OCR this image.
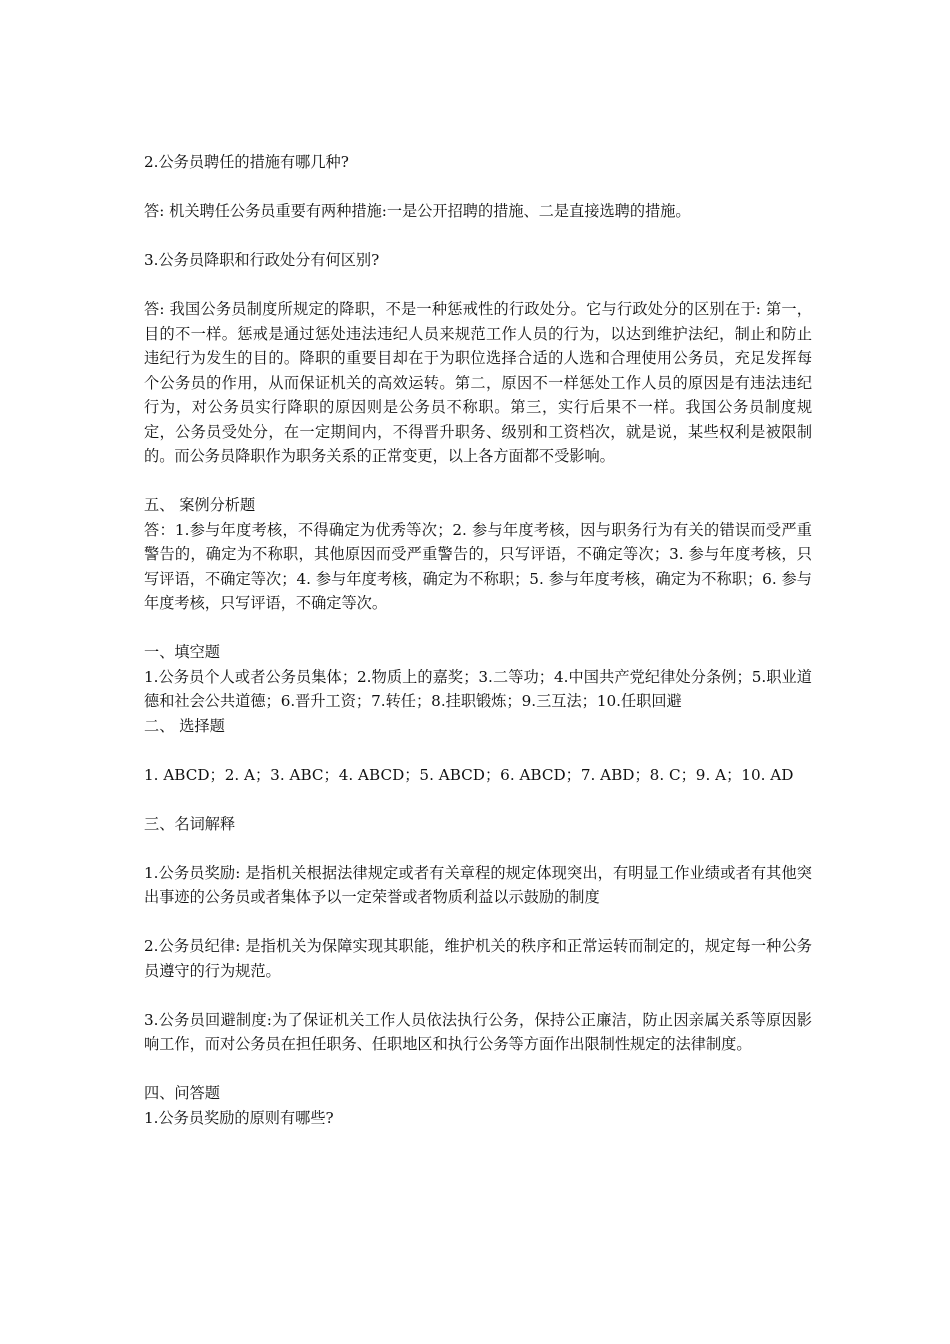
2.公务员聘任的措施有哪几种?

答: 机关聘任公务员重要有两种措施:一是公开招聘的措施、二是直接选聘的措施。

3.公务员降职和行政处分有何区别?

答: 我国公务员制度所规定的降职，不是一种惩戒性的行政处分。它与行政处分的区别在于: 第一，目的不一样。惩戒是通过惩处违法违纪人员来规范工作人员的行为，以达到维护法纪，制止和防止违纪行为发生的目的。降职的重要目却在于为职位选择合适的人选和合理使用公务员，充足发挥每个公务员的作用，从而保证机关的高效运转。第二，原因不一样惩处工作人员的原因是有违法违纪行为，对公务员实行降职的原因则是公务员不称职。第三，实行后果不一样。我国公务员制度规定，公务员受处分，在一定期间内，不得晋升职务、级别和工资档次，就是说，某些权利是被限制的。而公务员降职作为职务关系的正常变更，以上各方面都不受影响。

五、 案例分析题

答：1.参与年度考核，不得确定为优秀等次；2. 参与年度考核，因与职务行为有关的错误而受严重警告的，确定为不称职，其他原因而受严重警告的，只写评语，不确定等次；3. 参与年度考核，只写评语，不确定等次；4. 参与年度考核，确定为不称职；5. 参与年度考核，确定为不称职；6. 参与年度考核，只写评语，不确定等次。

一、填空题

1.公务员个人或者公务员集体；2.物质上的嘉奖；3.二等功；4.中国共产党纪律处分条例；5.职业道德和社会公共道德；6.晋升工资；7.转任；8.挂职锻炼；9.三互法；10.任职回避

二、 选择题

1. ABCD；2. A；3. ABC；4. ABCD；5. ABCD；6. ABCD；7. ABD；8. C；9. A；10. AD

三、名词解释

1.公务员奖励: 是指机关根据法律规定或者有关章程的规定体现突出，有明显工作业绩或者有其他突出事迹的公务员或者集体予以一定荣誉或者物质利益以示鼓励的制度

2.公务员纪律: 是指机关为保障实现其职能，维护机关的秩序和正常运转而制定的，规定每一种公务员遵守的行为规范。

3.公务员回避制度:为了保证机关工作人员依法执行公务，保持公正廉洁，防止因亲属关系等原因影响工作，而对公务员在担任职务、任职地区和执行公务等方面作出限制性规定的法律制度。

四、问答题

1.公务员奖励的原则有哪些?
